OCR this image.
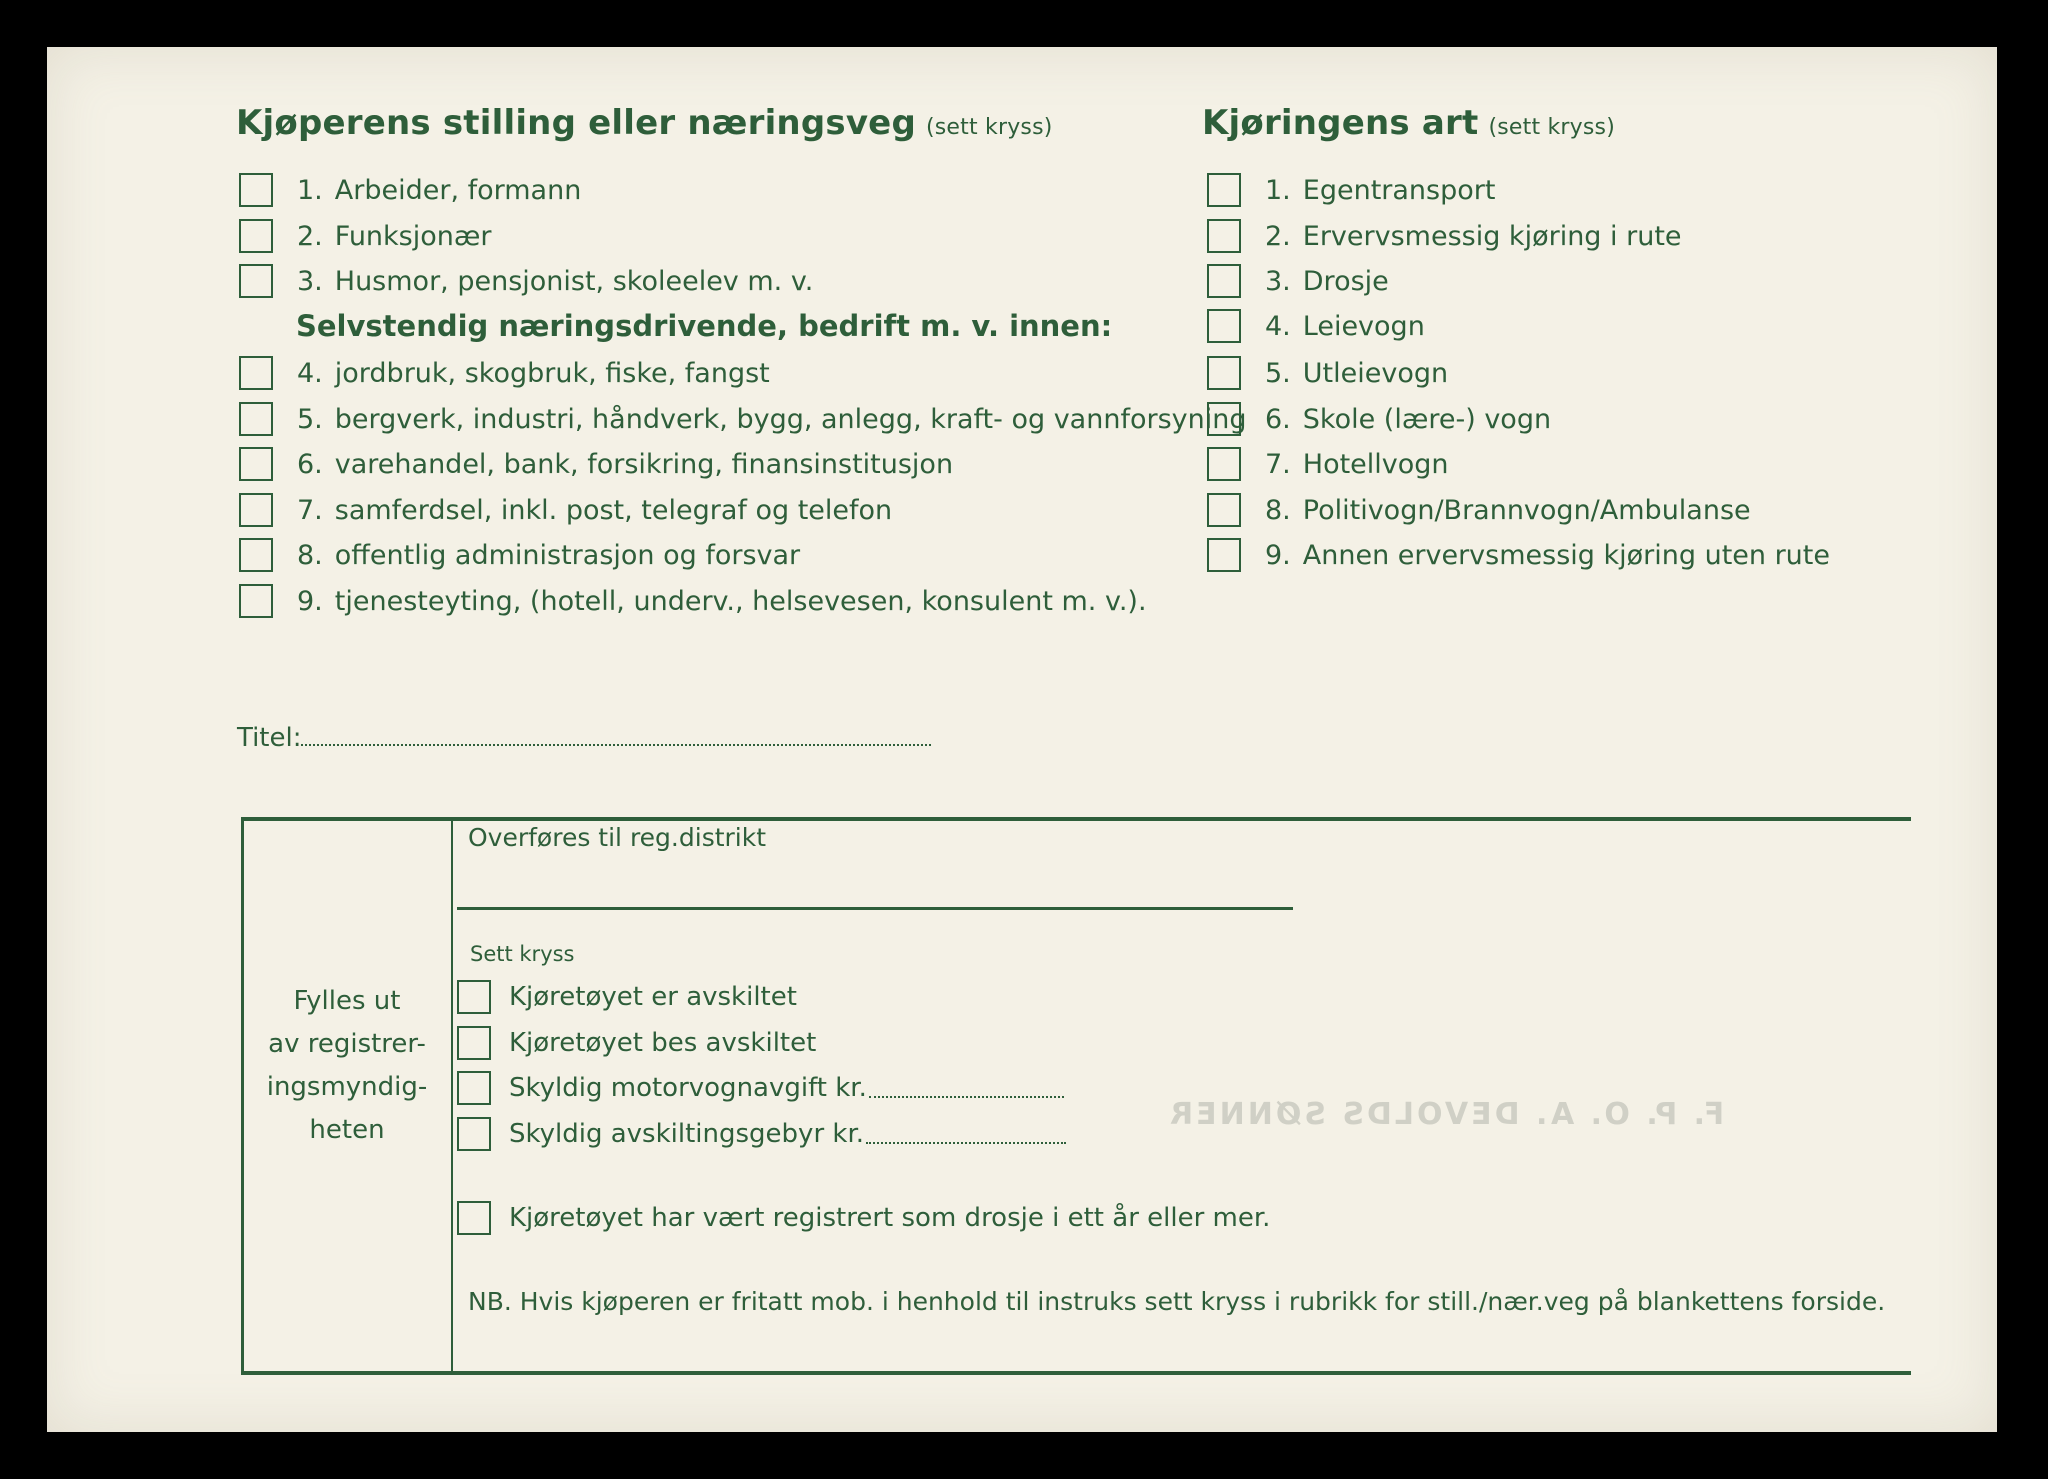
F. P. O. A. DEVOLDS SØNNER
Kjøperens stilling eller næringsveg (sett kryss)	Kjøringens art (sett kryss)
1. Arbeider, formann
2. Funksjonær
3. Husmor, pensjonist, skoleelev m. v.
Selvstendig næringsdrivende, bedrift m. v. innen:
4. jordbruk, skogbruk, fiske, fangst
5. bergverk, industri, håndverk, bygg, anlegg, kraft- og vannforsyning
6. varehandel, bank, forsikring, finansinstitusjon
7. samferdsel, inkl. post, telegraf og telefon
8. offentlig administrasjon og forsvar
9. tjenesteyting, (hotell, underv., helsevesen, konsulent m. v.).
1. Egentransport
2. Ervervsmessig kjøring i rute
3. Drosje
4. Leievogn
5. Utleievogn
6. Skole (lære-) vogn
7. Hotellvogn
8. Politivogn/Brannvogn/Ambulanse
9. Annen ervervsmessig kjøring uten rute
Titel:
Fylles ut
av registrer-
ingsmyndig-
heten
Overføres til reg.distrikt
Sett kryss
Kjøretøyet er avskiltet
Kjøretøyet bes avskiltet
Skyldig motorvognavgift kr.
Skyldig avskiltingsgebyr kr.
Kjøretøyet har vært registrert som drosje i ett år eller mer.
NB. Hvis kjøperen er fritatt mob. i henhold til instruks sett kryss i rubrikk for still./nær.veg på blankettens forside.
